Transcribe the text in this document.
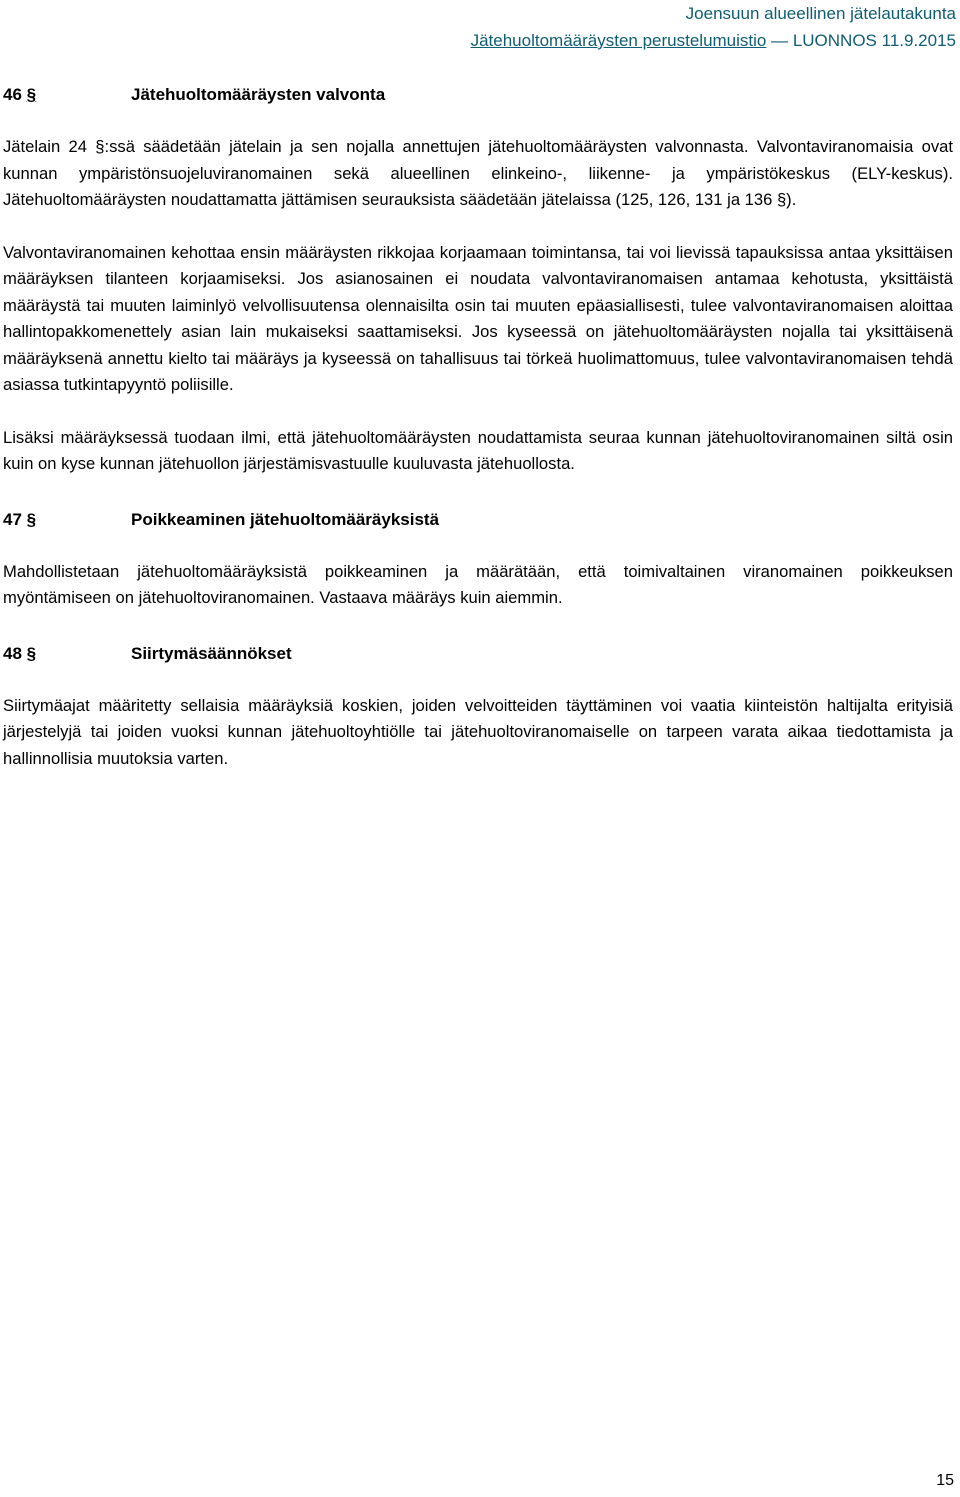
Joensuun alueellinen jätelautakunta
Jätehuoltomääräysten perustelumuistio — LUONNOS 11.9.2015
46 §	Jätehuoltomääräysten valvonta

Jätelain 24 §:ssä säädetään jätelain ja sen nojalla annettujen jätehuoltomääräysten valvonnasta. Valvontaviranomaisia ovat kunnan ympäristönsuojeluviranomainen sekä alueellinen elinkeino-, liikenne- ja ympäristökeskus (ELY-keskus). Jätehuoltomääräysten noudattamatta jättämisen seurauksista säädetään jätelaissa (125, 126, 131 ja 136 §).

Valvontaviranomainen kehottaa ensin määräysten rikkojaa korjaamaan toimintansa, tai voi lievissä tapauksissa antaa yksittäisen määräyksen tilanteen korjaamiseksi. Jos asianosainen ei noudata valvontaviranomaisen antamaa kehotusta, yksittäistä määräystä tai muuten laiminlyö velvollisuutensa olennaisilta osin tai muuten epäasiallisesti, tulee valvontaviranomaisen aloittaa hallintopakkomenettely asian lain mukaiseksi saattamiseksi. Jos kyseessä on jätehuoltomääräysten nojalla tai yksittäisenä määräyksenä annettu kielto tai määräys ja kyseessä on tahallisuus tai törkeä huolimattomuus, tulee valvontaviranomaisen tehdä asiassa tutkintapyyntö poliisille.

Lisäksi määräyksessä tuodaan ilmi, että jätehuoltomääräysten noudattamista seuraa kunnan jätehuoltoviranomainen siltä osin kuin on kyse kunnan jätehuollon järjestämisvastuulle kuuluvasta jätehuollosta.

47 §	Poikkeaminen jätehuoltomääräyksistä

Mahdollistetaan jätehuoltomääräyksistä poikkeaminen ja määrätään, että toimivaltainen viranomainen poikkeuksen myöntämiseen on jätehuoltoviranomainen. Vastaava määräys kuin aiemmin.

48 §	Siirtymäsäännökset

Siirtymäajat määritetty sellaisia määräyksiä koskien, joiden velvoitteiden täyttäminen voi vaatia kiinteistön haltijalta erityisiä järjestelyjä tai joiden vuoksi kunnan jätehuoltoyhtiölle tai jätehuoltoviranomaiselle on tarpeen varata aikaa tiedottamista ja hallinnollisia muutoksia varten.

15
